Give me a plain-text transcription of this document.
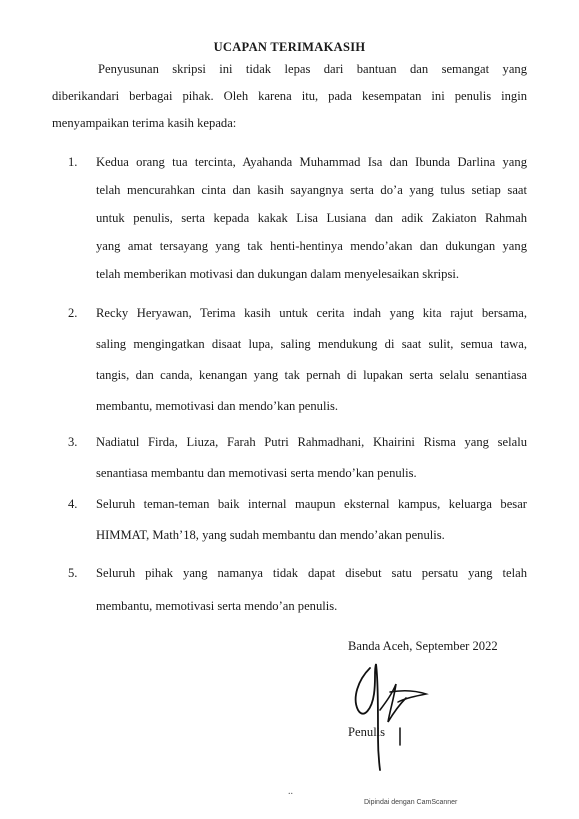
UCAPAN TERIMAKASIH
Penyusunan skripsi ini tidak lepas dari bantuan dan semangat yang
diberikandari berbagai pihak. Oleh karena itu, pada kesempatan ini penulis ingin
menyampaikan terima kasih kepada:
1. Kedua orang tua tercinta, Ayahanda Muhammad Isa dan Ibunda Darlina yang
telah mencurahkan cinta dan kasih sayangnya serta do’a yang tulus setiap saat
untuk penulis, serta kepada kakak Lisa Lusiana dan adik Zakiaton Rahmah
yang amat tersayang yang tak henti-hentinya mendo’akan dan dukungan yang
telah memberikan motivasi dan dukungan dalam menyelesaikan skripsi.
2. Recky Heryawan, Terima kasih untuk cerita indah yang kita rajut bersama,
saling mengingatkan disaat lupa, saling mendukung di saat sulit, semua tawa,
tangis, dan canda, kenangan yang tak pernah di lupakan serta selalu senantiasa
membantu, memotivasi dan mendo’kan penulis.
3. Nadiatul Firda, Liuza, Farah Putri Rahmadhani, Khairini Risma yang selalu
senantiasa membantu dan memotivasi serta mendo’kan penulis.
4. Seluruh teman-teman baik internal maupun eksternal kampus, keluarga besar
HIMMAT, Math’18, yang sudah membantu dan mendo’akan penulis.
5. Seluruh pihak yang namanya tidak dapat disebut satu persatu yang telah
membantu, memotivasi serta mendo’an penulis.
Banda Aceh, September 2022
Penulis
..
Dipindai dengan CamScanner
